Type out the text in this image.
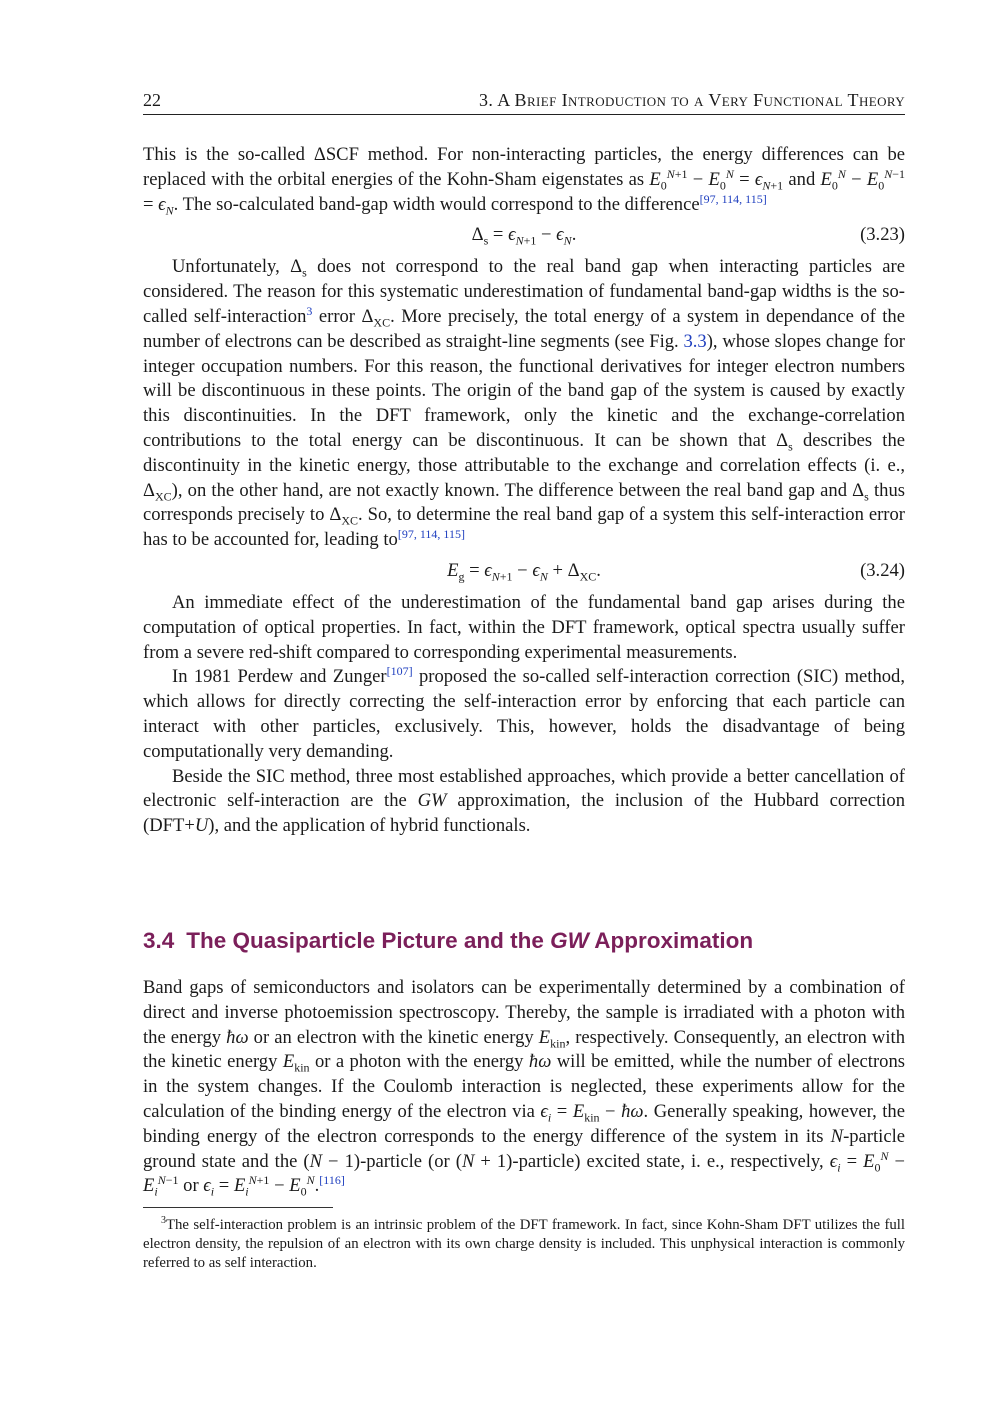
22	3. A Brief Introduction to a Very Functional Theory

This is the so-called ΔSCF method. For non-interacting particles, the energy differences can be replaced with the orbital energies of the Kohn-Sham eigenstates as $E_0^{N+1} - E_0^N = \epsilon_{N+1}$ and $E_0^N - E_0^{N-1} = \epsilon_N$. The so-calculated band-gap width would correspond to the difference[97, 114, 115]

$\Delta_s = \epsilon_{N+1} - \epsilon_N$.	(3.23)

Unfortunately, $\Delta_s$ does not correspond to the real band gap when interacting particles are considered. The reason for this systematic underestimation of fundamental band-gap widths is the so-called self-interaction$^3$ error $\Delta_{XC}$. More precisely, the total energy of a system in dependance of the number of electrons can be described as straight-line segments (see Fig. 3.3), whose slopes change for integer occupation numbers. For this reason, the functional derivatives for integer electron numbers will be discontinuous in these points. The origin of the band gap of the system is caused by exactly this discontinuities. In the DFT framework, only the kinetic and the exchange-correlation contributions to the total energy can be discontinuous. It can be shown that $\Delta_s$ describes the discontinuity in the kinetic energy, those attributable to the exchange and correlation effects (i. e., $\Delta_{XC}$), on the other hand, are not exactly known. The difference between the real band gap and $\Delta_s$ thus corresponds precisely to $\Delta_{XC}$. So, to determine the real band gap of a system this self-interaction error has to be accounted for, leading to[97, 114, 115]

$E_g = \epsilon_{N+1} - \epsilon_N + \Delta_{XC}$.	(3.24)

An immediate effect of the underestimation of the fundamental band gap arises during the computation of optical properties. In fact, within the DFT framework, optical spectra usually suffer from a severe red-shift compared to corresponding experimental measurements.

In 1981 Perdew and Zunger[107] proposed the so-called self-interaction correction (SIC) method, which allows for directly correcting the self-interaction error by enforcing that each particle can interact with other particles, exclusively. This, however, holds the disadvantage of being computationally very demanding.

Beside the SIC method, three most established approaches, which provide a better cancellation of electronic self-interaction are the GW approximation, the inclusion of the Hubbard correction (DFT+U), and the application of hybrid functionals.

3.4 The Quasiparticle Picture and the GW Approximation

Band gaps of semiconductors and isolators can be experimentally determined by a combination of direct and inverse photoemission spectroscopy. Thereby, the sample is irradiated with a photon with the energy ħω or an electron with the kinetic energy $E_{kin}$, respectively. Consequently, an electron with the kinetic energy $E_{kin}$ or a photon with the energy ħω will be emitted, while the number of electrons in the system changes. If the Coulomb interaction is neglected, these experiments allow for the calculation of the binding energy of the electron via $\epsilon_i = E_{kin}$ − ħω. Generally speaking, however, the binding energy of the electron corresponds to the energy difference of the system in its N-particle ground state and the (N − 1)-particle (or (N + 1)-particle) excited state, i. e., respectively, $\epsilon_i = E_0^N - E_i^{N-1}$ or $\epsilon_i = E_i^{N+1} - E_0^N.[116]$

$^3$The self-interaction problem is an intrinsic problem of the DFT framework. In fact, since Kohn-Sham DFT utilizes the full electron density, the repulsion of an electron with its own charge density is included. This unphysical interaction is commonly referred to as self interaction.
